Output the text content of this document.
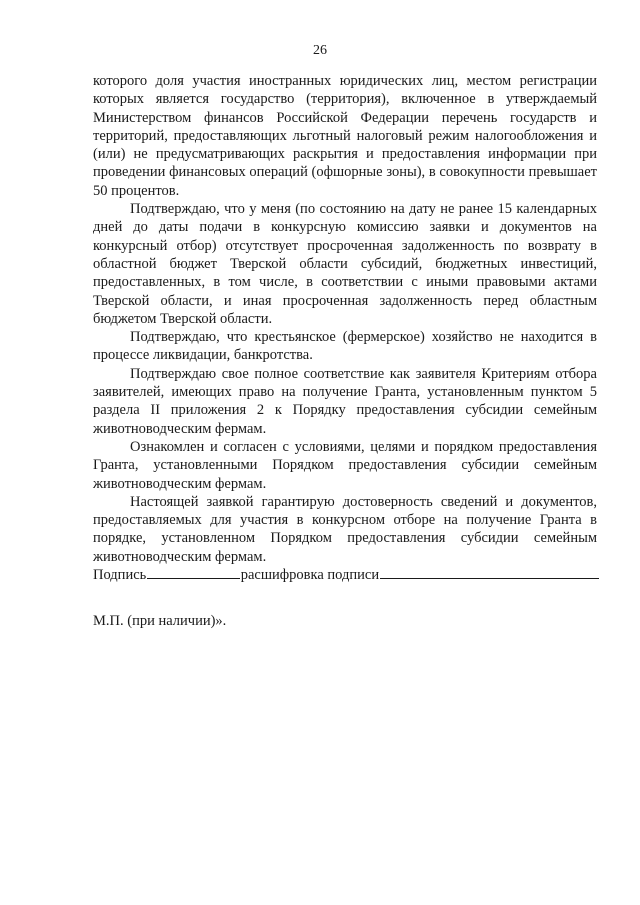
26

которого доля участия иностранных юридических лиц, местом регистрации которых является государство (территория), включенное в утверждаемый Министерством финансов Российской Федерации перечень государств и территорий, предоставляющих льготный налоговый режим налогообложения и (или) не предусматривающих раскрытия и предоставления информации при проведении финансовых операций (офшорные зоны), в совокупности превышает 50 процентов.

Подтверждаю, что у меня (по состоянию на дату не ранее 15 календарных дней до даты подачи в конкурсную комиссию заявки и документов на конкурсный отбор) отсутствует просроченная задолженность по возврату в областной бюджет Тверской области субсидий, бюджетных инвестиций, предоставленных, в том числе, в соответствии с иными правовыми актами Тверской области, и иная просроченная задолженность перед областным бюджетом Тверской области.

Подтверждаю, что крестьянское (фермерское) хозяйство не находится в процессе ликвидации, банкротства.

Подтверждаю свое полное соответствие как заявителя Критериям отбора заявителей, имеющих право на получение Гранта, установленным пунктом 5 раздела II приложения 2 к Порядку предоставления субсидии семейным животноводческим фермам.

Ознакомлен и согласен с условиями, целями и порядком предоставления Гранта, установленными Порядком предоставления субсидии семейным животноводческим фермам.

Настоящей заявкой гарантирую достоверность сведений и документов, предоставляемых для участия в конкурсном отборе на получение Гранта в порядке, установленном Порядком предоставления субсидии семейным животноводческим фермам.

Подпись	расшифровка подписи
М.П. (при наличии)».
